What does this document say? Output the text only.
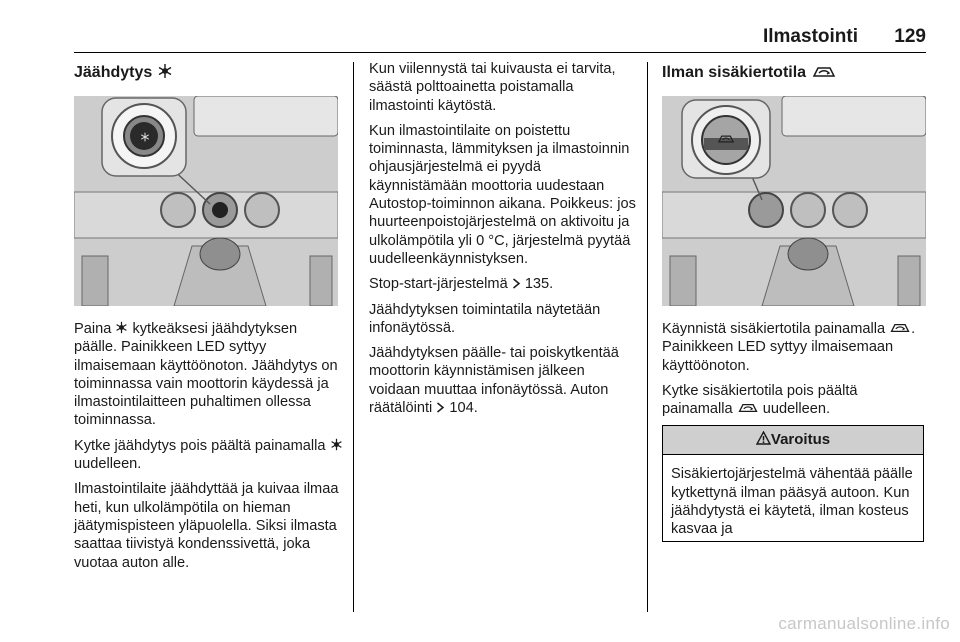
Ilmastointi 129
Jäähdytys

Paina kytkeäksesi jäähdytyksen päälle. Painikkeen LED syttyy ilmaisemaan käyttöönoton. Jäähdytys on toiminnassa vain moottorin käydessä ja ilmastointilaitteen puhaltimen ollessa toiminnassa.

Kytke jäähdytys pois päältä painamalla  uudelleen.

Ilmastointilaite jäähdyttää ja kuivaa ilmaa heti, kun ulkolämpötila on hieman jäätymispisteen yläpuolella. Siksi ilmasta saattaa tiivistyä kondenssivettä, joka vuotaa auton alle.

Kun viilennystä tai kuivausta ei tarvita, säästä polttoainetta poistamalla ilmastointi käytöstä.

Kun ilmastointilaite on poistettu toiminnasta, lämmityksen ja ilmastoinnin ohjausjärjestelmä ei pyydä käynnistämään moottoria uudestaan Autostop-toiminnon aikana. Poikkeus: jos huurteenpoistojärjestelmä on aktivoitu ja ulkolämpötila yli 0 °C, järjestelmä pyytää uudelleenkäynnistyksen.

Stop-start-järjestelmä 135.

Jäähdytyksen toimintatila näytetään infonäytössä.

Jäähdytyksen päälle- tai poiskytkentää moottorin käynnistämisen jälkeen voidaan muuttaa infonäytössä. Auton räätälöinti 104.

Ilman sisäkiertotila

Käynnistä sisäkiertotila painamalla . Painikkeen LED syttyy ilmaisemaan käyttöönoton.

Kytke sisäkiertotila pois päältä painamalla uudelleen.

Varoitus

Sisäkiertojärjestelmä vähentää päälle kytkettynä ilman pääsyä autoon. Kun jäähdytystä ei käytetä, ilman kosteus kasvaa ja

carmanualsonline.info
